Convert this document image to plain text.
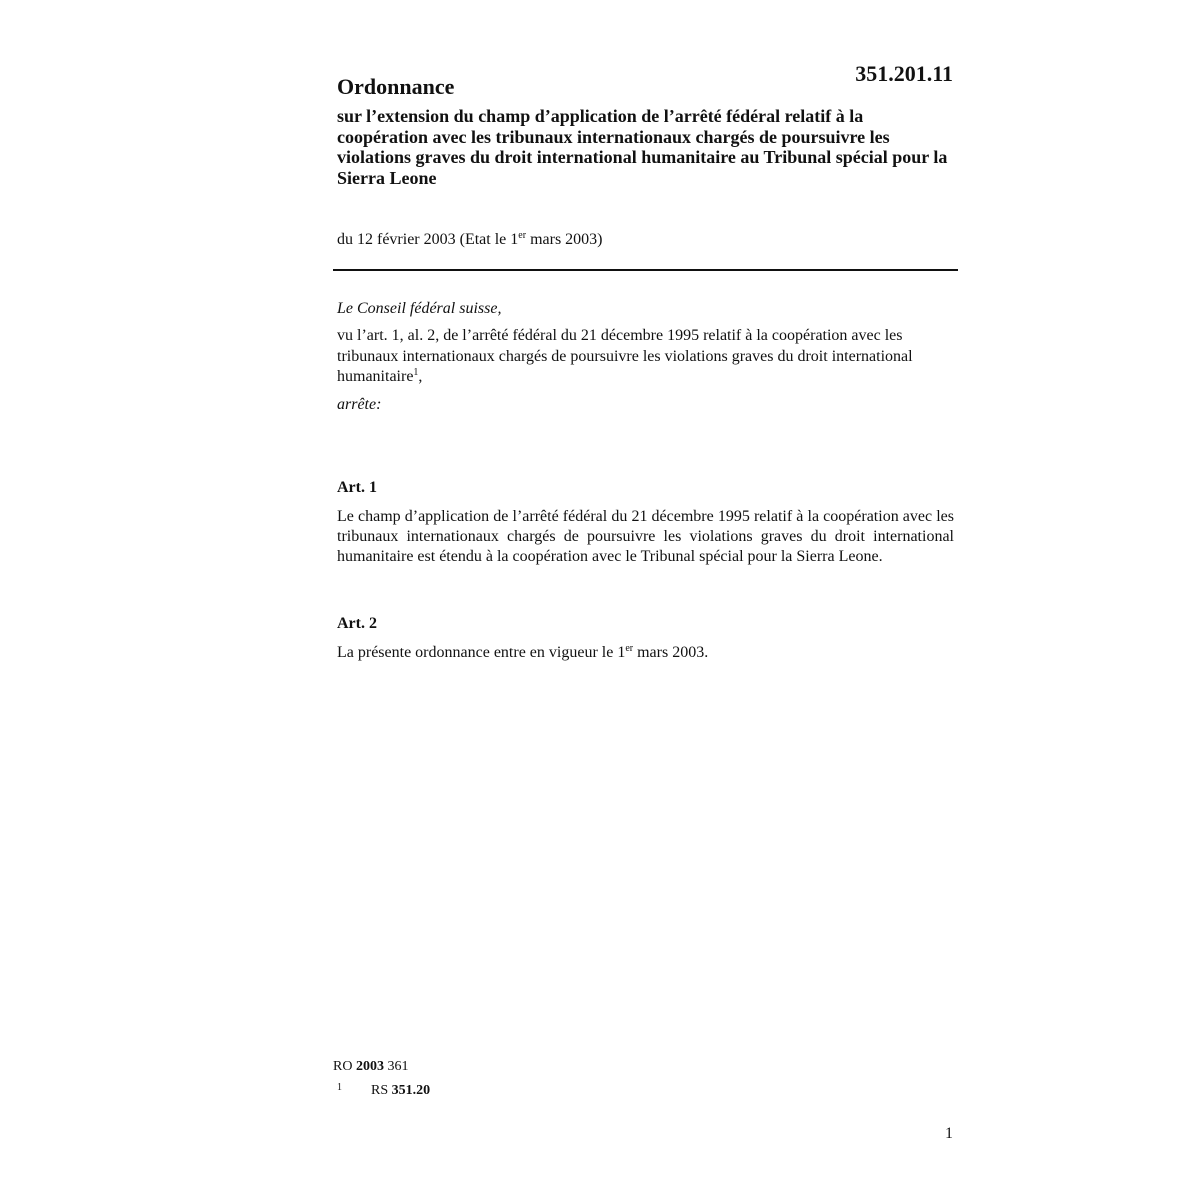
351.201.11
Ordonnance
sur l’extension du champ d’application de l’arrêté fédéral relatif à la coopération avec les tribunaux internationaux chargés de poursuivre les violations graves du droit international humanitaire au Tribunal spécial pour la Sierra Leone
du 12 février 2003 (Etat le 1er mars 2003)
Le Conseil fédéral suisse,
vu l’art. 1, al. 2, de l’arrêté fédéral du 21 décembre 1995 relatif à la coopération avec les tribunaux internationaux chargés de poursuivre les violations graves du droit international humanitaire$^1$,
arrête:
Art. 1
Le champ d’application de l’arrêté fédéral du 21 décembre 1995 relatif à la coopération avec les tribunaux internationaux chargés de poursuivre les violations graves du droit international humanitaire est étendu à la coopération avec le Tribunal spécial pour la Sierra Leone.
Art. 2
La présente ordonnance entre en vigueur le 1er mars 2003.
RO 2003 361
1 RS 351.20
1
